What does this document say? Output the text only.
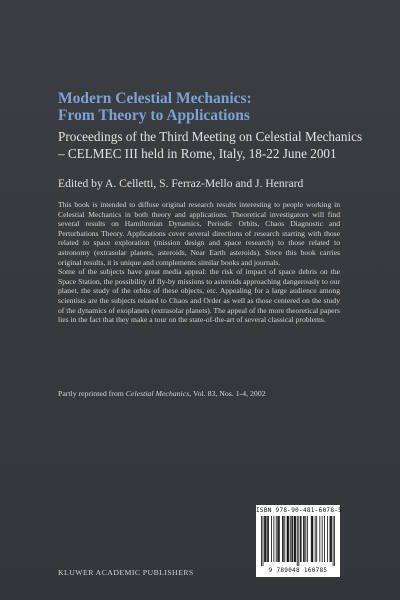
Modern Celestial Mechanics:
From Theory to Applications
Proceedings of the Third Meeting on Celestial Mechanics
– CELMEC III held in Rome, Italy, 18-22 June 2001
Edited by A. Celletti, S. Ferraz-Mello and J. Henrard

This book is intended to diffuse original research results interesting to people working in Celestial Mechanics in both theory and applications. Theoretical investigators will find several results on Hamiltonian Dynamics, Periodic Orbits, Chaos Diagnostic and Perturbations Theory. Applications cover several directions of research starting with those related to space exploration (mission design and space research) to those related to astronomy (extrasolar planets, asteroids, Near Earth asteroids). Since this book carries original results, it is unique and complements similar books and journals.

Some of the subjects have great media appeal: the risk of impact of space debris on the Space Station, the possibility of fly-by missions to asteroids approaching dangerously to our planet, the study of the orbits of these objects, etc. Appealing for a large audience among scientists are the subjects related to Chaos and Order as well as those centered on the study of the dynamics of exoplanets (extrasolar planets). The appeal of the more theoretical papers lies in the fact that they make a tour on the state-of-the-art of several classical problems.

Partly reprinted from Celestial Mechanics, Vol. 83, Nos. 1-4, 2002
ISBN 978-90-481-6078-5
9 789048 160785
KLUWER ACADEMIC PUBLISHERS
